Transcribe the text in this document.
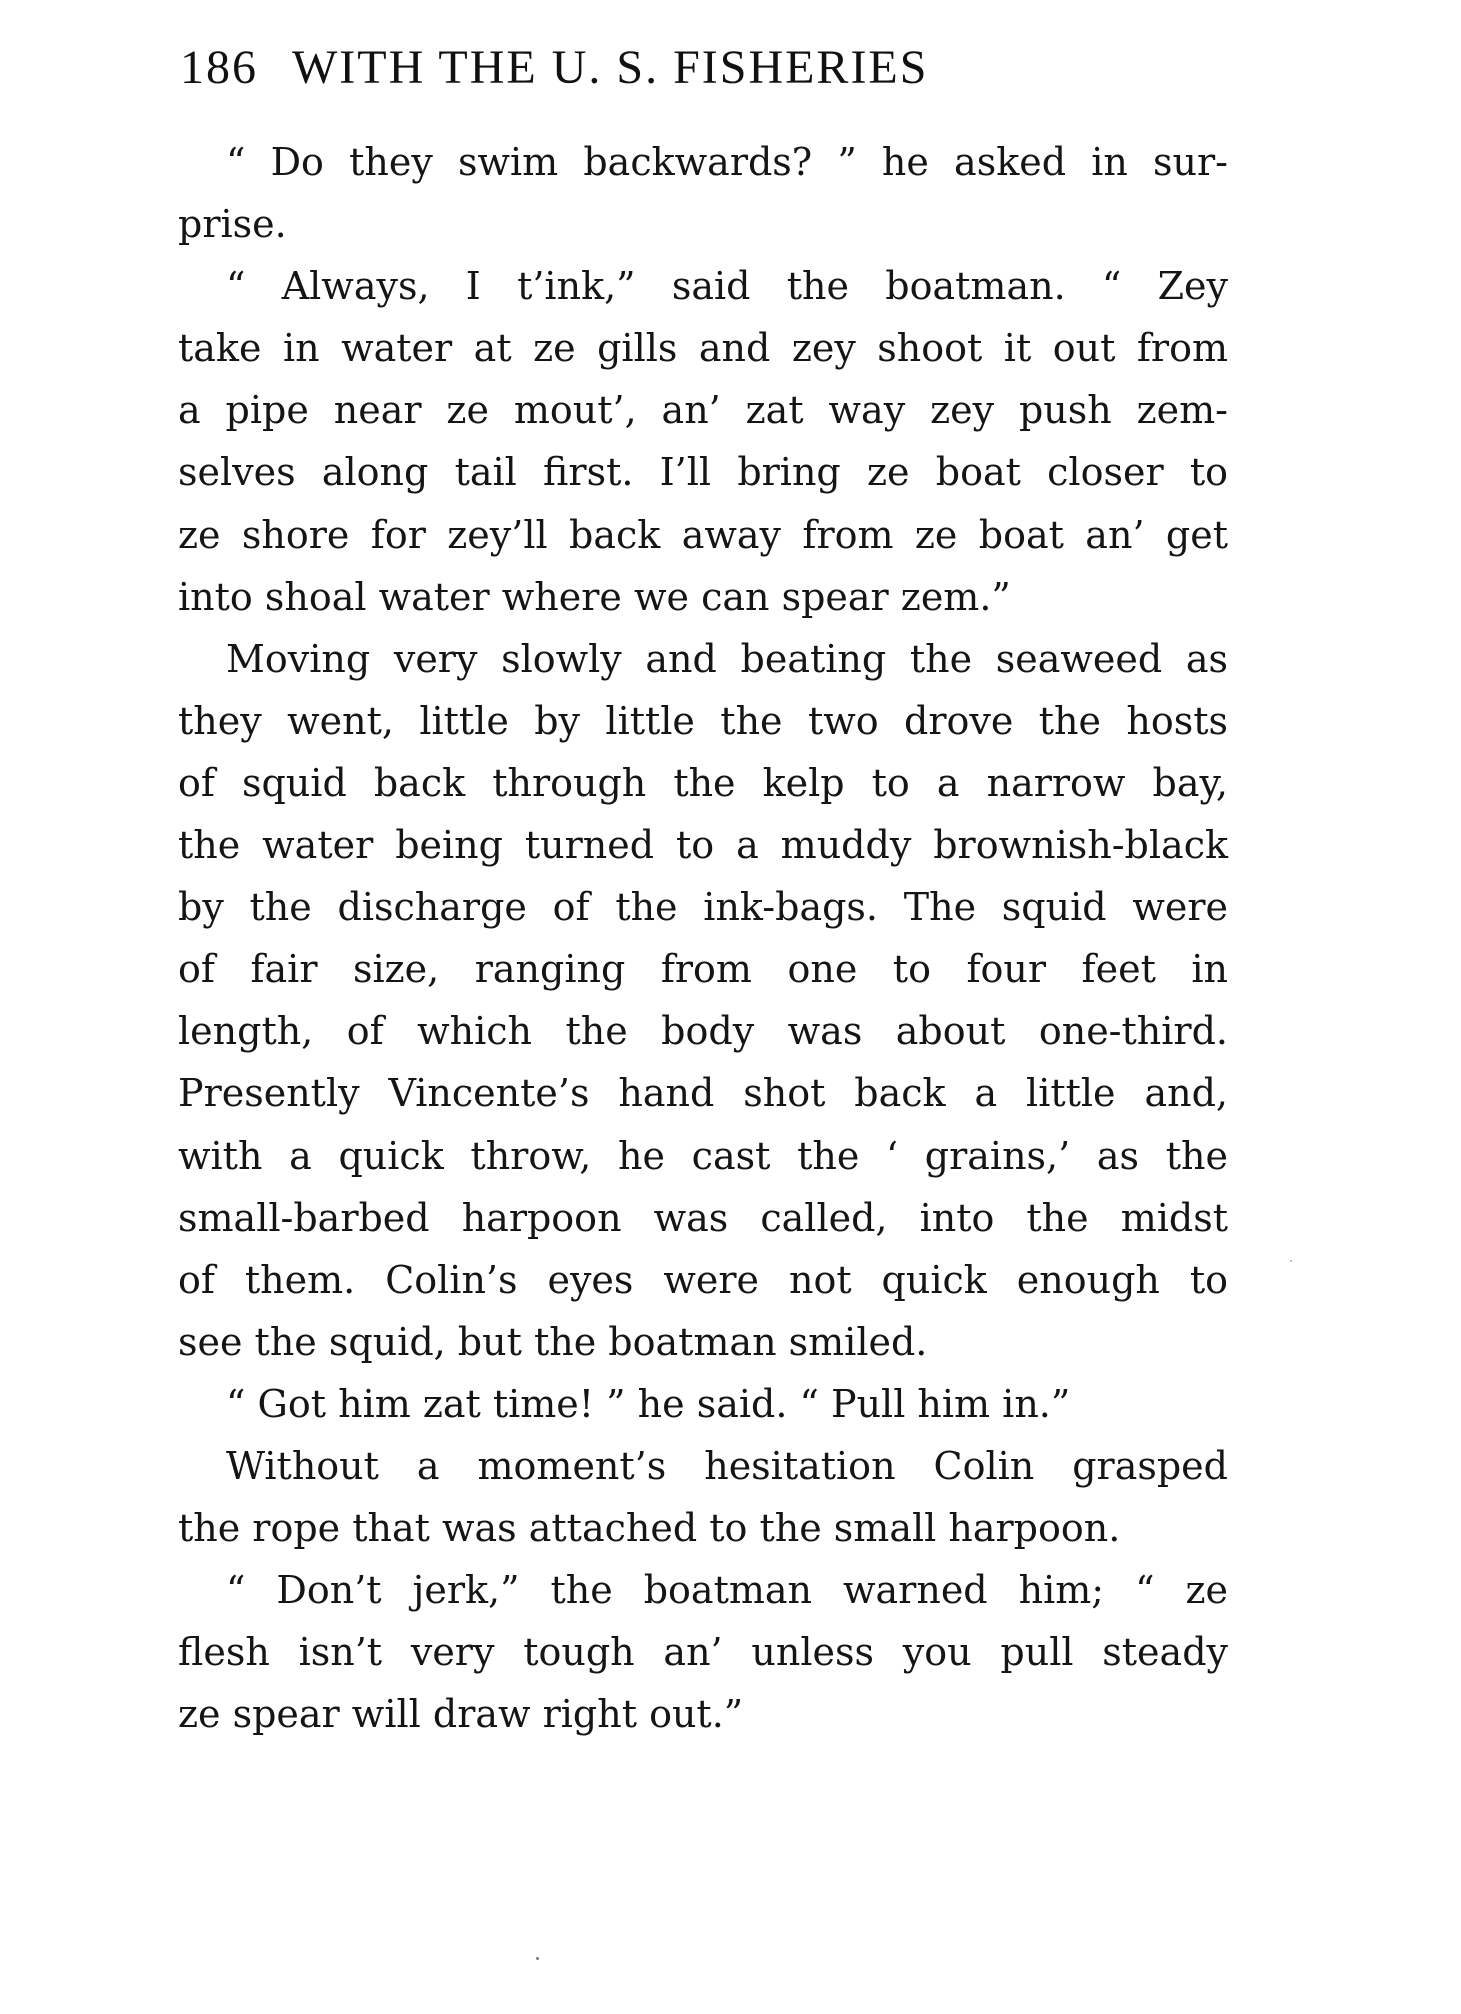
186 WITH THE U. S. FISHERIES
“ Do they swim backwards? ” he asked in sur-
prise.
“ Always, I t’ink,” said the boatman. “ Zey
take in water at ze gills and zey shoot it out from
a pipe near ze mout’, an’ zat way zey push zem-
selves along tail first. I’ll bring ze boat closer to
ze shore for zey’ll back away from ze boat an’ get
into shoal water where we can spear zem.”
Moving very slowly and beating the seaweed as
they went, little by little the two drove the hosts
of squid back through the kelp to a narrow bay,
the water being turned to a muddy brownish-black
by the discharge of the ink-bags. The squid were
of fair size, ranging from one to four feet in
length, of which the body was about one-third.
Presently Vincente’s hand shot back a little and,
with a quick throw, he cast the ‘ grains,’ as the
small-barbed harpoon was called, into the midst
of them. Colin’s eyes were not quick enough to
see the squid, but the boatman smiled.
“ Got him zat time! ” he said. “ Pull him in.”
Without a moment’s hesitation Colin grasped
the rope that was attached to the small harpoon.
“ Don’t jerk,” the boatman warned him; “ ze
flesh isn’t very tough an’ unless you pull steady
ze spear will draw right out.”
